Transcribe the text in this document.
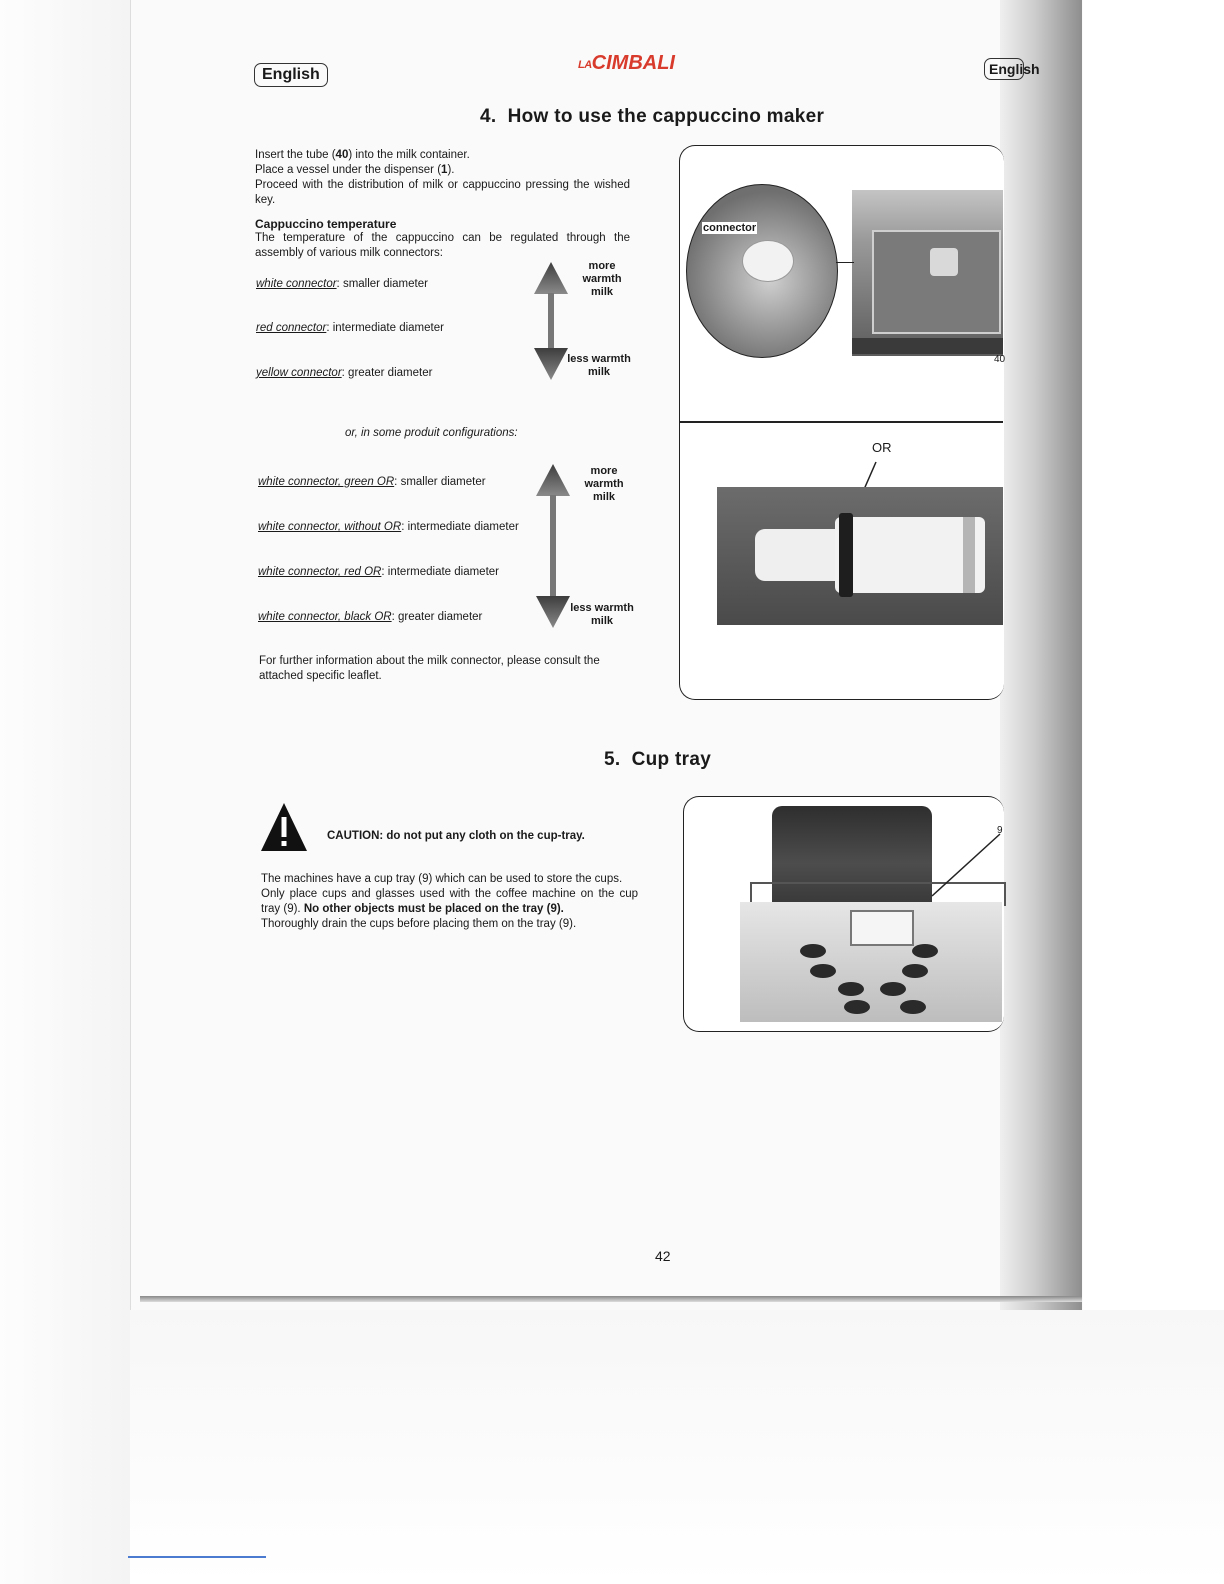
English	English
$^{LA}$CIMBALI
4. How to use the cappuccino maker
Insert the tube (40) into the milk container.
Place a vessel under the dispenser (1).
Proceed with the distribution of milk or cappuccino pressing the wished key.
Cappuccino temperature
The temperature of the cappuccino can be regulated through the assembly of various milk connectors:
white connector: smaller diameter
red connector: intermediate diameter
yellow connector: greater diameter
more
warmth
milk
less warmth
milk
or, in some produit configurations:
white connector, green OR: smaller diameter
white connector, without OR: intermediate diameter
white connector, red OR: intermediate diameter
white connector, black OR: greater diameter
more
warmth
milk
less warmth
milk
For further information about the milk connector, please consult the attached specific leaflet.
connector
40
OR
5. Cup tray
CAUTION: do not put any cloth on the cup-tray.
The machines have a cup tray (9) which can be used to store the cups.
Only place cups and glasses used with the coffee machine on the cup tray (9). No other objects must be placed on the tray (9).
Thoroughly drain the cups before placing them on the tray (9).
9
42
